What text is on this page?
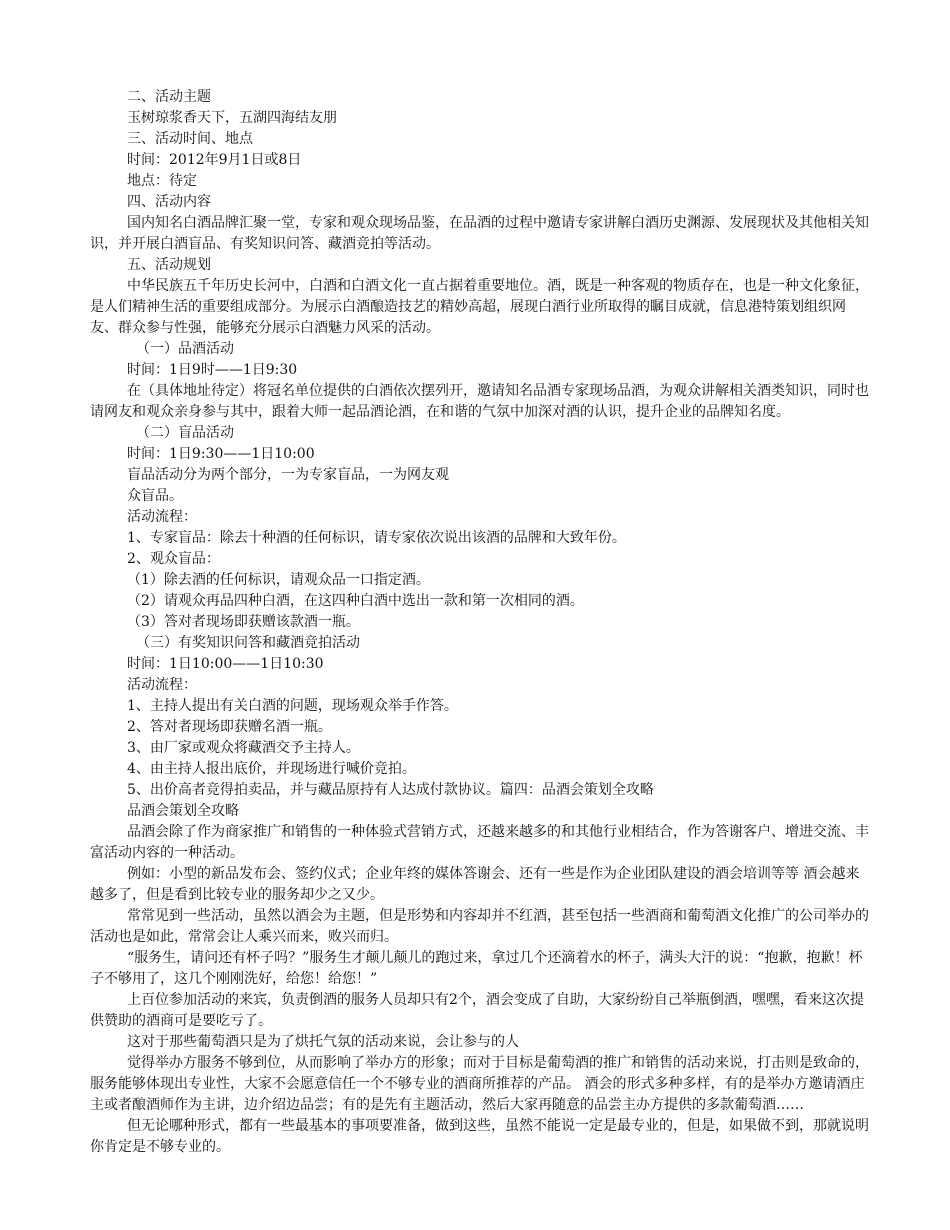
二、活动主题

玉树琼浆香天下，五湖四海结友朋

三、活动时间、地点

时间：2012年9月1日或8日

地点：待定

四、活动内容

国内知名白酒品牌汇聚一堂，专家和观众现场品鉴，在品酒的过程中邀请专家讲解白酒历史渊源、发展现状及其他相关知识，并开展白酒盲品、有奖知识问答、藏酒竞拍等活动。

五、活动规划

中华民族五千年历史长河中，白酒和白酒文化一直占据着重要地位。酒，既是一种客观的物质存在，也是一种文化象征，是人们精神生活的重要组成部分。为展示白酒酿造技艺的精妙高超，展现白酒行业所取得的瞩目成就，信息港特策划组织网友、群众参与性强，能够充分展示白酒魅力风采的活动。

（一）品酒活动

时间：1日9时——1日9:30

在（具体地址待定）将冠名单位提供的白酒依次摆列开，邀请知名品酒专家现场品酒，为观众讲解相关酒类知识，同时也请网友和观众亲身参与其中，跟着大师一起品酒论酒，在和谐的气氛中加深对酒的认识，提升企业的品牌知名度。

（二）盲品活动

时间：1日9:30——1日10:00

盲品活动分为两个部分，一为专家盲品，一为网友观

众盲品。

活动流程：

1、专家盲品：除去十种酒的任何标识，请专家依次说出该酒的品牌和大致年份。

2、观众盲品：

（1）除去酒的任何标识，请观众品一口指定酒。

（2）请观众再品四种白酒，在这四种白酒中选出一款和第一次相同的酒。

（3）答对者现场即获赠该款酒一瓶。

（三）有奖知识问答和藏酒竞拍活动

时间：1日10:00——1日10:30

活动流程：

1、主持人提出有关白酒的问题，现场观众举手作答。

2、答对者现场即获赠名酒一瓶。

3、由厂家或观众将藏酒交予主持人。

4、由主持人报出底价，并现场进行喊价竞拍。

5、出价高者竞得拍卖品，并与藏品原持有人达成付款协议。篇四：品酒会策划全攻略

品酒会策划全攻略

品酒会除了作为商家推广和销售的一种体验式营销方式，还越来越多的和其他行业相结合，作为答谢客户、增进交流、丰富活动内容的一种活动。

例如：小型的新品发布会、签约仪式；企业年终的媒体答谢会、还有一些是作为企业团队建设的酒会培训等等 酒会越来越多了，但是看到比较专业的服务却少之又少。

常常见到一些活动，虽然以酒会为主题，但是形势和内容却并不红酒，甚至包括一些酒商和葡萄酒文化推广的公司举办的活动也是如此，常常会让人乘兴而来，败兴而归。

“服务生，请问还有杯子吗？”服务生才颠儿颠儿的跑过来，拿过几个还滴着水的杯子，满头大汗的说：“抱歉，抱歉！杯子不够用了，这几个刚刚洗好，给您！给您！”

上百位参加活动的来宾，负责倒酒的服务人员却只有2个，酒会变成了自助，大家纷纷自己举瓶倒酒，嘿嘿，看来这次提供赞助的酒商可是要吃亏了。

这对于那些葡萄酒只是为了烘托气氛的活动来说，会让参与的人

觉得举办方服务不够到位，从而影响了举办方的形象；而对于目标是葡萄酒的推广和销售的活动来说，打击则是致命的，服务能够体现出专业性，大家不会愿意信任一个不够专业的酒商所推荐的产品。 酒会的形式多种多样，有的是举办方邀请酒庄主或者酿酒师作为主讲，边介绍边品尝；有的是先有主题活动，然后大家再随意的品尝主办方提供的多款葡萄酒……

但无论哪种形式，都有一些最基本的事项要准备，做到这些，虽然不能说一定是最专业的，但是，如果做不到，那就说明你肯定是不够专业的。
